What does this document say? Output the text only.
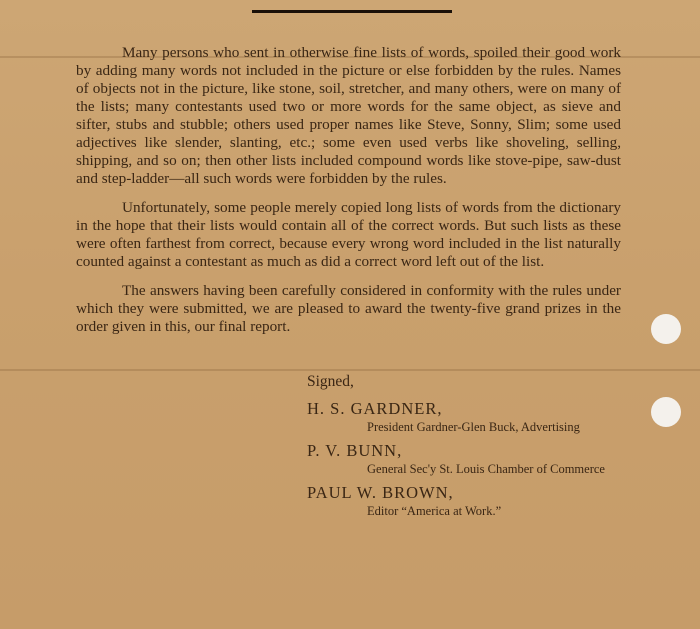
Many persons who sent in otherwise fine lists of words, spoiled their good work by adding many words not included in the picture or else forbidden by the rules. Names of objects not in the picture, like stone, soil, stretcher, and many others, were on many of the lists; many contestants used two or more words for the same object, as sieve and sifter, stubs and stubble; others used proper names like Steve, Sonny, Slim; some used adjectives like slender, slanting, etc.; some even used verbs like shoveling, selling, shipping, and so on; then other lists included compound words like stove-pipe, saw-dust and step-ladder—all such words were forbidden by the rules.

Unfortunately, some people merely copied long lists of words from the dictionary in the hope that their lists would contain all of the correct words. But such lists as these were often farthest from correct, because every wrong word included in the list naturally counted against a contestant as much as did a correct word left out of the list.

The answers having been carefully considered in conformity with the rules under which they were submitted, we are pleased to award the twenty-five grand prizes in the order given in this, our final report.

Signed,
H. S. GARDNER,
President Gardner-Glen Buck, Advertising
P. V. BUNN,
General Sec'y St. Louis Chamber of Commerce
PAUL W. BROWN,
Editor “America at Work.”
